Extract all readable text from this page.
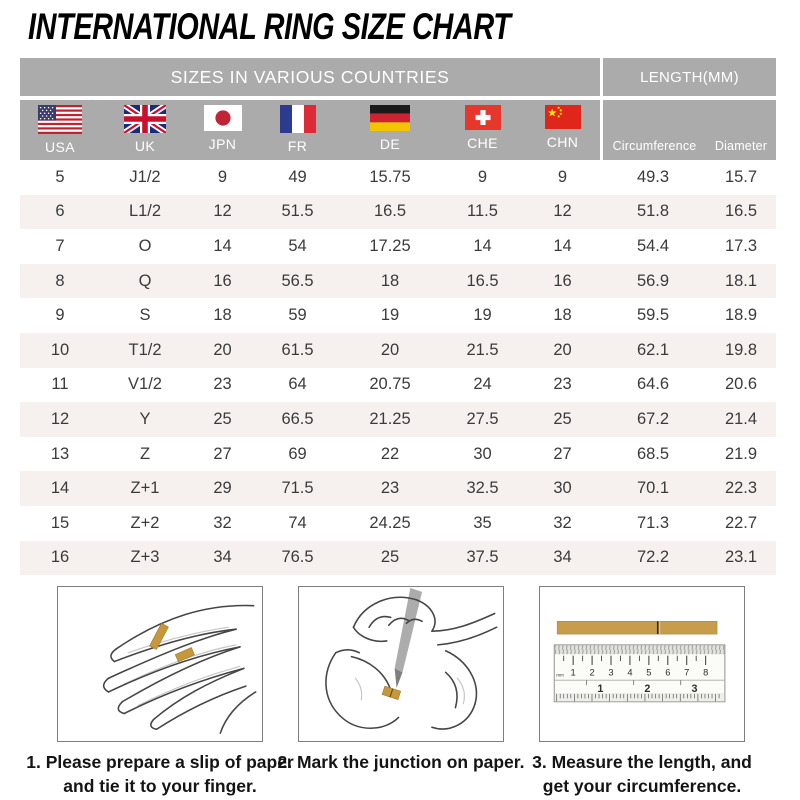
INTERNATIONAL RING SIZE CHART
SIZES IN VARIOUS COUNTRIES	LENGTH(MM)
USA	UK	JPN	FR	DE	CHE	CHN	Circumference	Diameter
5	J1/2	9	49	15.75	9	9	49.3	15.7
6	L1/2	12	51.5	16.5	11.5	12	51.8	16.5
7	O	14	54	17.25	14	14	54.4	17.3
8	Q	16	56.5	18	16.5	16	56.9	18.1
9	S	18	59	19	19	18	59.5	18.9
10	T1/2	20	61.5	20	21.5	20	62.1	19.8
11	V1/2	23	64	20.75	24	23	64.6	20.6
12	Y	25	66.5	21.25	27.5	25	67.2	21.4
13	Z	27	69	22	30	27	68.5	21.9
14	Z+1	29	71.5	23	32.5	30	70.1	22.3
15	Z+2	32	74	24.25	35	32	71.3	22.7
16	Z+3	34	76.5	25	37.5	34	72.2	23.1
1. Please prepare a slip of paper
and tie it to your finger.
2. Mark the junction on paper.

1 2 3 4 5 6 7 8
mm
1	2	3
3. Measure the length, and
get your circumference.
